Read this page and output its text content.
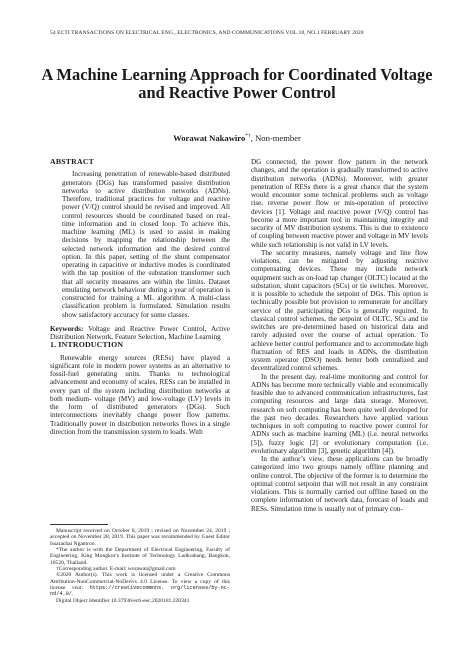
54 ECTI TRANSACTIONS ON ELECTRICAL ENG., ELECTRONICS, AND COMMUNICATIONS VOL.18, NO.1 FEBRUARY 2020
A Machine Learning Approach for Coordinated Voltage and Reactive Power Control
Worawat Nakawiro*†, Non-member
ABSTRACT

Increasing penetration of renewable-based distributed generators (DGs) has transformed passive distribution networks to active distribution networks (ADNs). Therefore, traditional practices for voltage and reactive power (V/Q) control should be revised and improved. All control resources should be coordinated based on real-time information and in closed loop. To achieve this, machine learning (ML) is used to assist in making decisions by mapping the relationship between the selected network information and the desired control option. In this paper, setting of the shunt compensator operating in capacitive or inductive modes is coordinated with the tap position of the substation transformer such that all security measures are within the limits. Dataset emulating network behaviour during a year of operation is constructed for training a ML algorithm. A multi-class classification problem is formulated. Simulation results show satisfactory accuracy for some classes.

Keywords: Voltage and Reactive Power Control, Active Distribution Network, Feature Selection, Machine Learning

1. INTRODUCTION

Renewable energy sources (RESs) have played a significant role in modern power systems as an alternative to fossil-fuel generating units. Thanks to technological advancement and economy of scales, RESs can be installed in every part of the system including distribution networks at both medium- voltage (MV) and low-voltage (LV) levels in the form of distributed generators (DGs). Such interconnections inevitably change power flow patterns. Traditionally power in distribution networks flows in a single direction from the transmission system to loads. With

Manuscript received on October 8, 2019 ; revised on November 24, 2019 ; accepted on November 28, 2019. This paper was recommended by Guest Editor Issarachai Ngamroo.

*The author is with the Department of Electrical Engineering, Faculty of Engineering, King Mongkut’s Institute of Technology Ladkrabang, Bangkok, 10520, Thailand.

†Corresponding author. E-mail: worawat@gmail.com

©2020 Author(s). This work is licensed under a Creative Commons Attribution-NonCommercial-NoDerivs 4.0 License. To view a copy of this license visit: https://creativecommons. org/licenses/by-nc-nd/4.0/.

Digital Object Identifier 10.37936/ecti-eec.2020181.220341

DG connected, the power flow pattern in the network changes, and the operation is gradually transformed to active distribution networks (ADNs). Moreover, with greater penetration of RESs there is a great chance that the system would encounter some technical problems such as voltage rise, reverse power flow or mis-operation of protective devices [1]. Voltage and reactive power (V/Q) control has become a more important tool in maintaining integrity and security of MV distribution systems. This is due to existence of coupling between reactive power and voltage in MV levels while such relationship is not valid in LV levels.

The security measures, namely voltage and line flow violations, can be mitigated by adjusting reactive compensating devices. These may include network equipment such as on-load tap changer (OLTC) located at the substation, shunt capacitors (SCs) or tie switches. Moreover, it is possible to schedule the setpoint of DGs. This option is technically possible but provision to remunerate for ancillary service of the participating DGs is generally required. In classical control schemes, the setpoint of OLTC, SCs and tie switches are pre-determined based on historical data and rarely adjusted over the course of actual operation. To achieve better control performance and to accommodate high fluctuation of RES and loads in ADNs, the distribution system operator (DSO) needs better both centralized and decentralized control schemes.

In the present day, real-time monitoring and control for ADNs has become more technically viable and economically feasible due to advanced communication infrastructures, fast computing resources and large data storage. Moreover, research on soft computing has been quite well developed for the past two decades. Researchers have applied various techniques in soft computing to reactive power control for ADNs such as machine learning (ML) (i.e. neural networks [5]), fuzzy logic [2] or evolutionary computation (i.e. evolutionary algorithm [3], genetic algorithm [4]).

In the author’s view, these applications can be broadly categorized into two groups namely offline planning and online control. The objective of the former is to determine the optimal control setpoint that will not result in any constraint violations. This is normally carried out offline based on the complete information of network data, forecast of loads and RESs. Simulation time is usually not of primary con-
